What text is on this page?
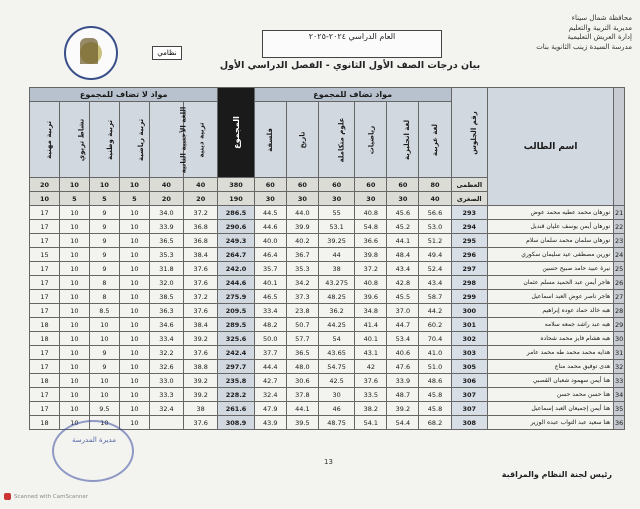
محافظة شمال سيناء
مديرية التربية والتعليم
إدارة العريش التعليمية
مدرسة السيدة زينب الثانوية بنات
نظامي
العام الدراسي ٢٠٢٤-٢٠٢٥
بيان درجات الصف الأول الثانوي - الفصل الدراسي الأول
مواد لا تضاف للمجموع						المجموع	مواد تضاف للمجموع						رقم الجلوس	اسم الطالب	
تربية مهنية	نشاط تربوي	تربية وطنية	تربية رياضية	اللغة الأجنبية الثانية	تربية دينية		فلسفة	تاريخ	علوم متكاملة	رياضيات	لغة انجليزية	لغة عربية			
20	10	10	10	40	40	380	60	60	60	60	60	80	العظمى		
10	5	5	5	20	20	190	30	30	30	30	30	40	الصغرى		
17	10	9	10	34.0	37.2	286.5	44.5	44.0	55	40.8	45.6	56.6	293	نورهان محمد عطيه محمد عوض	21
17	10	9	10	33.9	36.8	290.6	44.6	39.9	53.1	54.8	45.2	53.0	294	نورهان أيمن يوسف عليان قنديل	22
17	10	9	10	36.5	36.8	249.3	40.0	40.2	39.25	36.6	44.1	51.2	295	نورهان سلمان محمد سلمان سلام	23
15	10	9	10	35.3	38.4	264.7	46.4	36.7	44	39.8	48.4	49.4	296	نورين مصطفى عيد سليمان سكوري	24
17	10	9	10	31.8	37.6	242.0	35.7	35.3	38	37.2	43.4	52.4	297	نيرة عبيد حامد صبيح حسين	25
17	10	8	10	32.0	37.6	244.6	40.1	34.2	43.275	40.8	42.8	43.4	298	هاجر أيمن عبد الحميد مسلم عثمان	26
17	10	8	10	38.5	37.2	275.9	46.5	37.3	48.25	39.6	45.5	58.7	299	هاجر ناصر عوض العبد اسماعيل	27
17	10	8.5	10	36.3	37.6	209.5	33.4	23.8	36.2	34.8	37.0	44.2	300	هبه خالد حماد عوده إبراهيم	28
18	10	10	10	34.6	38.4	289.5	48.2	50.7	44.25	41.4	44.7	60.2	301	هبه عبد راشد جمعه سلامه	29
18	10	10	10	33.4	39.2	325.6	50.0	57.7	54	40.1	53.4	70.4	302	هبه هشام فايز محمد شحاده	30
17	10	9	10	32.2	37.6	242.4	37.7	36.5	43.65	43.1	40.6	41.0	303	هدايه محمد محمد طه محمد عامر	31
17	10	9	10	32.6	38.8	297.7	44.4	48.0	54.75	42	47.6	51.0	305	هدى توفيق محمد مناع	32
18	10	10	10	33.0	39.2	235.8	42.7	30.6	42.5	37.6	33.9	48.6	306	هنا أيمن سهمود شعبان القصبي	33
17	10	10	10	33.3	39.2	228.2	32.4	37.8	30	33.5	48.7	45.8	307	هنا حسن محمد حسن	34
17	10	9.5	10	32.4	38	261.6	47.9	44.1	46	38.2	39.2	45.8	307	هنا أيمن إجميعان العبد إسماعيل	35
18	10	10	10		37.6	308.9	43.9	39.5	48.75	54.1	54.4	68.2	308	هنا سعيد عبد التواب عبده الوزير	36
13
مديرة المدرسة
رئيس لجنة النظام والمراقبة
Scanned with CamScanner
